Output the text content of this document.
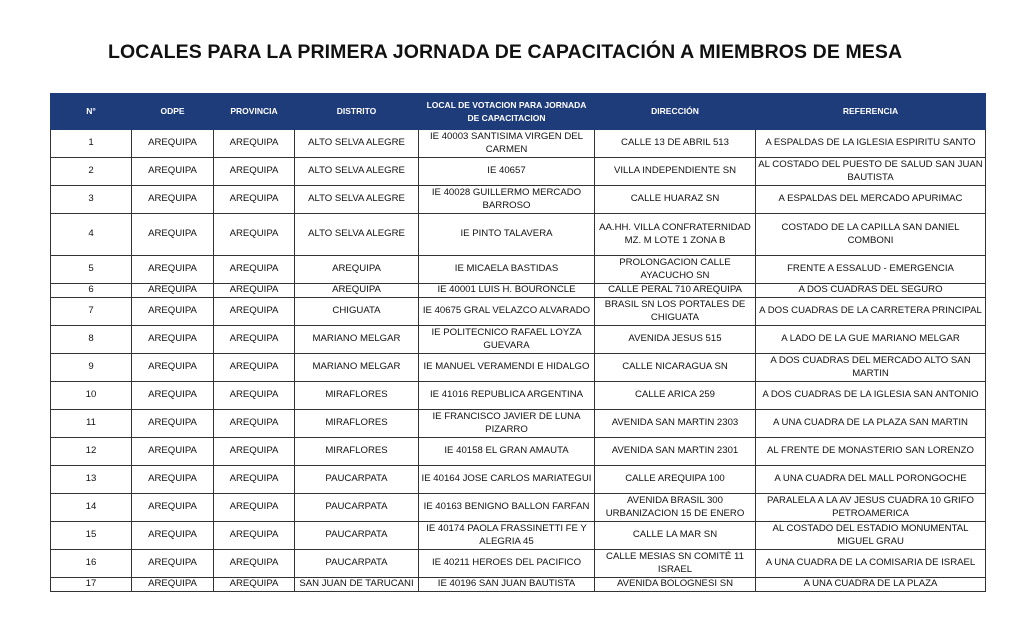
LOCALES PARA LA PRIMERA JORNADA DE CAPACITACIÓN A MIEMBROS DE MESA
N°	ODPE	PROVINCIA	DISTRITO	LOCAL DE VOTACION PARA JORNADA DE CAPACITACION	DIRECCIÓN	REFERENCIA
1	AREQUIPA	AREQUIPA	ALTO SELVA ALEGRE	IE 40003 SANTISIMA VIRGEN DEL CARMEN	CALLE 13 DE ABRIL 513	A ESPALDAS DE LA IGLESIA ESPIRITU SANTO
2	AREQUIPA	AREQUIPA	ALTO SELVA ALEGRE	IE 40657	VILLA INDEPENDIENTE SN	AL COSTADO DEL PUESTO DE SALUD SAN JUAN BAUTISTA
3	AREQUIPA	AREQUIPA	ALTO SELVA ALEGRE	IE 40028 GUILLERMO MERCADO BARROSO	CALLE HUARAZ SN	A ESPALDAS DEL MERCADO APURIMAC
4	AREQUIPA	AREQUIPA	ALTO SELVA ALEGRE	IE PINTO TALAVERA	AA.HH. VILLA CONFRATERNIDAD MZ. M LOTE 1 ZONA B	COSTADO DE LA CAPILLA SAN DANIEL COMBONI
5	AREQUIPA	AREQUIPA	AREQUIPA	IE MICAELA BASTIDAS	PROLONGACION CALLE AYACUCHO SN	FRENTE A ESSALUD - EMERGENCIA
6	AREQUIPA	AREQUIPA	AREQUIPA	IE 40001 LUIS H. BOURONCLE	CALLE PERAL 710 AREQUIPA	A DOS CUADRAS DEL SEGURO
7	AREQUIPA	AREQUIPA	CHIGUATA	IE 40675 GRAL VELAZCO ALVARADO	BRASIL SN LOS PORTALES DE CHIGUATA	A DOS CUADRAS DE LA CARRETERA PRINCIPAL
8	AREQUIPA	AREQUIPA	MARIANO MELGAR	IE POLITECNICO RAFAEL LOYZA GUEVARA	AVENIDA JESUS 515	A LADO DE LA GUE MARIANO MELGAR
9	AREQUIPA	AREQUIPA	MARIANO MELGAR	IE MANUEL VERAMENDI E HIDALGO	CALLE NICARAGUA SN	A DOS CUADRAS DEL MERCADO ALTO SAN MARTIN
10	AREQUIPA	AREQUIPA	MIRAFLORES	IE 41016 REPUBLICA ARGENTINA	CALLE ARICA 259	A DOS CUADRAS DE LA IGLESIA SAN ANTONIO
11	AREQUIPA	AREQUIPA	MIRAFLORES	IE FRANCISCO JAVIER DE LUNA PIZARRO	AVENIDA SAN MARTIN 2303	A UNA CUADRA DE LA PLAZA SAN MARTIN
12	AREQUIPA	AREQUIPA	MIRAFLORES	IE 40158 EL GRAN AMAUTA	AVENIDA SAN MARTIN 2301	AL FRENTE DE MONASTERIO SAN LORENZO
13	AREQUIPA	AREQUIPA	PAUCARPATA	IE 40164 JOSE CARLOS MARIATEGUI	CALLE AREQUIPA 100	A UNA CUADRA DEL MALL PORONGOCHE
14	AREQUIPA	AREQUIPA	PAUCARPATA	IE 40163 BENIGNO BALLON FARFAN	AVENIDA BRASIL 300 URBANIZACION 15 DE ENERO	PARALELA A LA AV JESUS CUADRA 10 GRIFO PETROAMERICA
15	AREQUIPA	AREQUIPA	PAUCARPATA	IE 40174 PAOLA FRASSINETTI FE Y ALEGRIA 45	CALLE LA MAR SN	AL COSTADO DEL ESTADIO MONUMENTAL MIGUEL GRAU
16	AREQUIPA	AREQUIPA	PAUCARPATA	IE 40211 HEROES DEL PACIFICO	CALLE MESIAS SN COMITÉ 11 ISRAEL	A UNA CUADRA DE LA COMISARIA DE ISRAEL
17	AREQUIPA	AREQUIPA	SAN JUAN DE TARUCANI	IE 40196 SAN JUAN BAUTISTA	AVENIDA BOLOGNESI SN	A UNA CUADRA DE LA PLAZA
